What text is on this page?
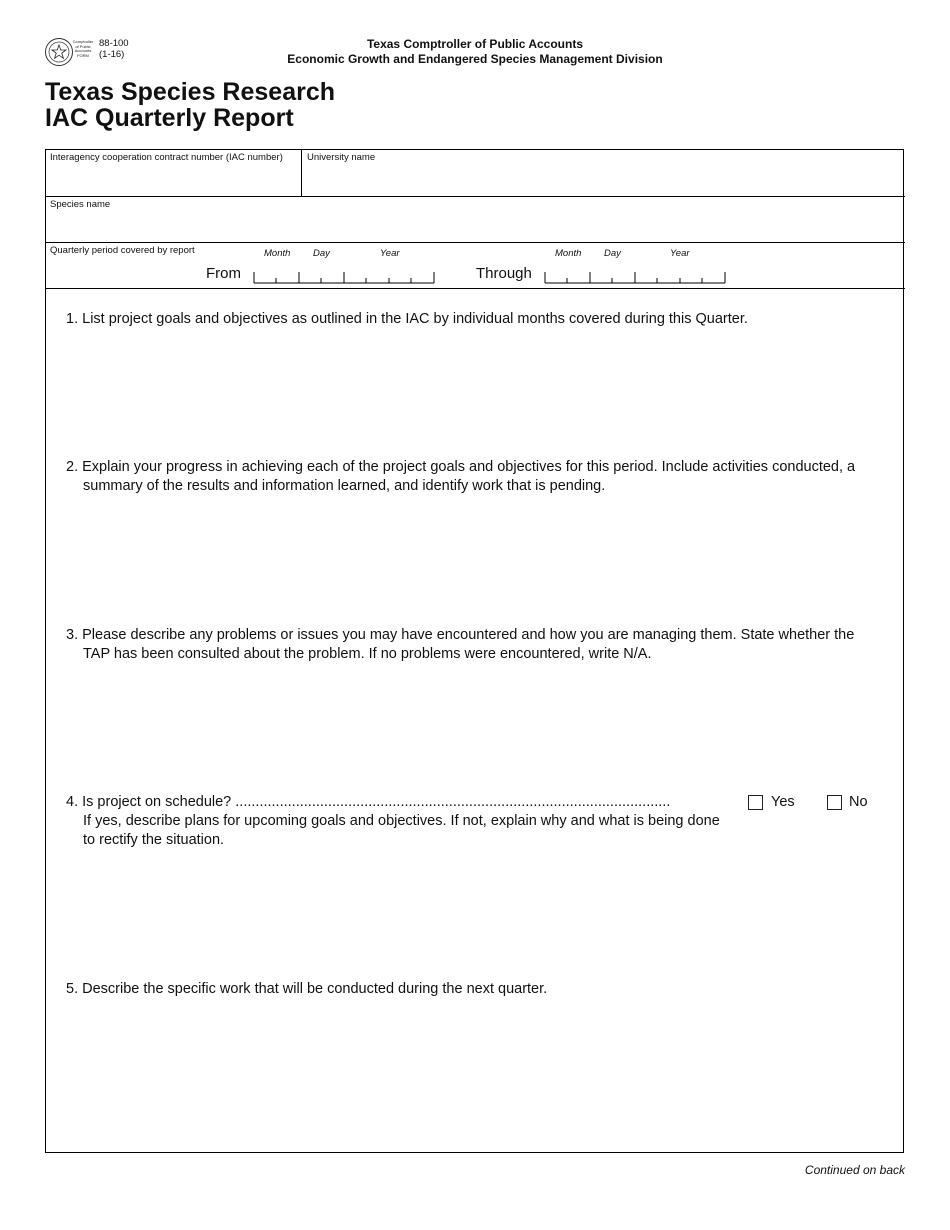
Comptroller of Public Accounts FORM
88-100
(1-16)
Texas Comptroller of Public Accounts
Economic Growth and Endangered Species Management Division
Texas Species Research
IAC Quarterly Report
Interagency cooperation contract number (IAC number)	University name
Species name
Quarterly period covered by report	Month Day	Year	Month Day	Year
From	Through
1. List project goals and objectives as outlined in the IAC by individual months covered during this Quarter.
2. Explain your progress in achieving each of the project goals and objectives for this period. Include activities conducted, a summary of the results and information learned, and identify work that is pending.
3. Please describe any problems or issues you may have encountered and how you are managing them. State whether the TAP has been consulted about the problem. If no problems were encountered, write N/A.
4. Is project on schedule? ............................................................................................................
If yes, describe plans for upcoming goals and objectives. If not, explain why and what is being done to rectify the situation.
Yes	No
5. Describe the specific work that will be conducted during the next quarter.
Continued on back
